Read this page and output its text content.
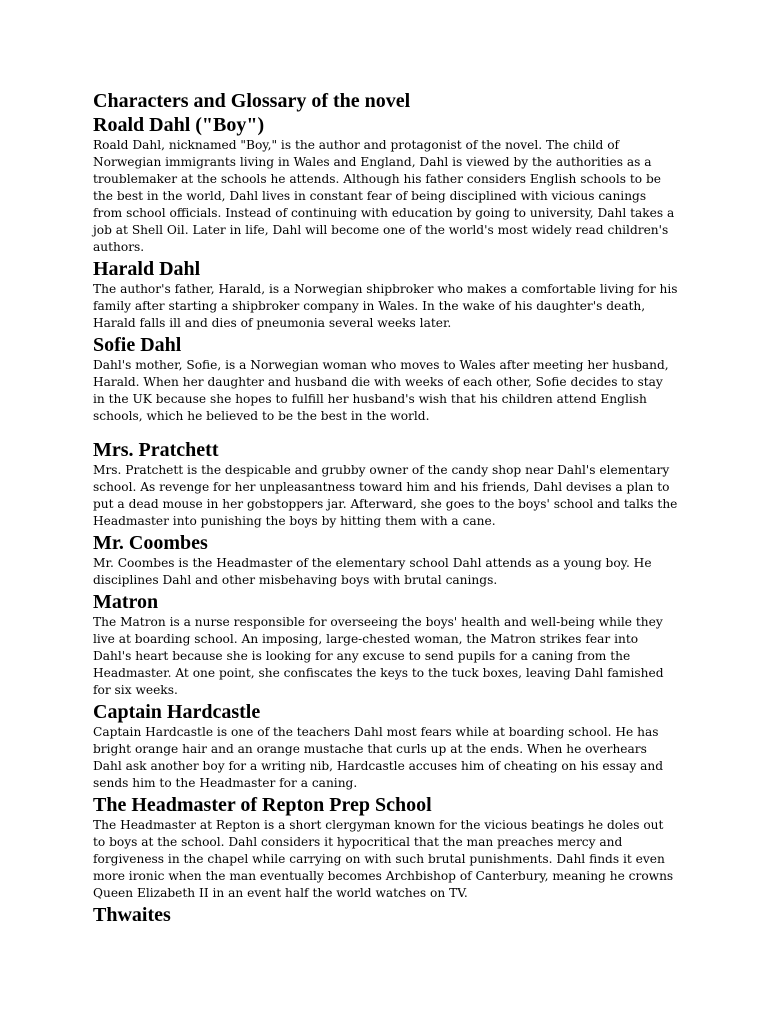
Characters and Glossary of the novel
Roald Dahl ("Boy")

Roald Dahl, nicknamed "Boy," is the author and protagonist of the novel. The child of Norwegian immigrants living in Wales and England, Dahl is viewed by the authorities as a troublemaker at the schools he attends. Although his father considers English schools to be the best in the world, Dahl lives in constant fear of being disciplined with vicious canings from school officials. Instead of continuing with education by going to university, Dahl takes a job at Shell Oil. Later in life, Dahl will become one of the world's most widely read children's authors.

Harald Dahl

The author's father, Harald, is a Norwegian shipbroker who makes a comfortable living for his family after starting a shipbroker company in Wales. In the wake of his daughter's death, Harald falls ill and dies of pneumonia several weeks later.

Sofie Dahl

Dahl's mother, Sofie, is a Norwegian woman who moves to Wales after meeting her husband, Harald. When her daughter and husband die with weeks of each other, Sofie decides to stay in the UK because she hopes to fulfill her husband's wish that his children attend English schools, which he believed to be the best in the world.

Mrs. Pratchett

Mrs. Pratchett is the despicable and grubby owner of the candy shop near Dahl's elementary school. As revenge for her unpleasantness toward him and his friends, Dahl devises a plan to put a dead mouse in her gobstoppers jar. Afterward, she goes to the boys' school and talks the Headmaster into punishing the boys by hitting them with a cane.

Mr. Coombes

Mr. Coombes is the Headmaster of the elementary school Dahl attends as a young boy. He disciplines Dahl and other misbehaving boys with brutal canings.

Matron

The Matron is a nurse responsible for overseeing the boys' health and well-being while they live at boarding school. An imposing, large-chested woman, the Matron strikes fear into Dahl's heart because she is looking for any excuse to send pupils for a caning from the Headmaster. At one point, she confiscates the keys to the tuck boxes, leaving Dahl famished for six weeks.

Captain Hardcastle

Captain Hardcastle is one of the teachers Dahl most fears while at boarding school. He has bright orange hair and an orange mustache that curls up at the ends. When he overhears Dahl ask another boy for a writing nib, Hardcastle accuses him of cheating on his essay and sends him to the Headmaster for a caning.

The Headmaster of Repton Prep School

The Headmaster at Repton is a short clergyman known for the vicious beatings he doles out to boys at the school. Dahl considers it hypocritical that the man preaches mercy and forgiveness in the chapel while carrying on with such brutal punishments. Dahl finds it even more ironic when the man eventually becomes Archbishop of Canterbury, meaning he crowns Queen Elizabeth II in an event half the world watches on TV.

Thwaites
